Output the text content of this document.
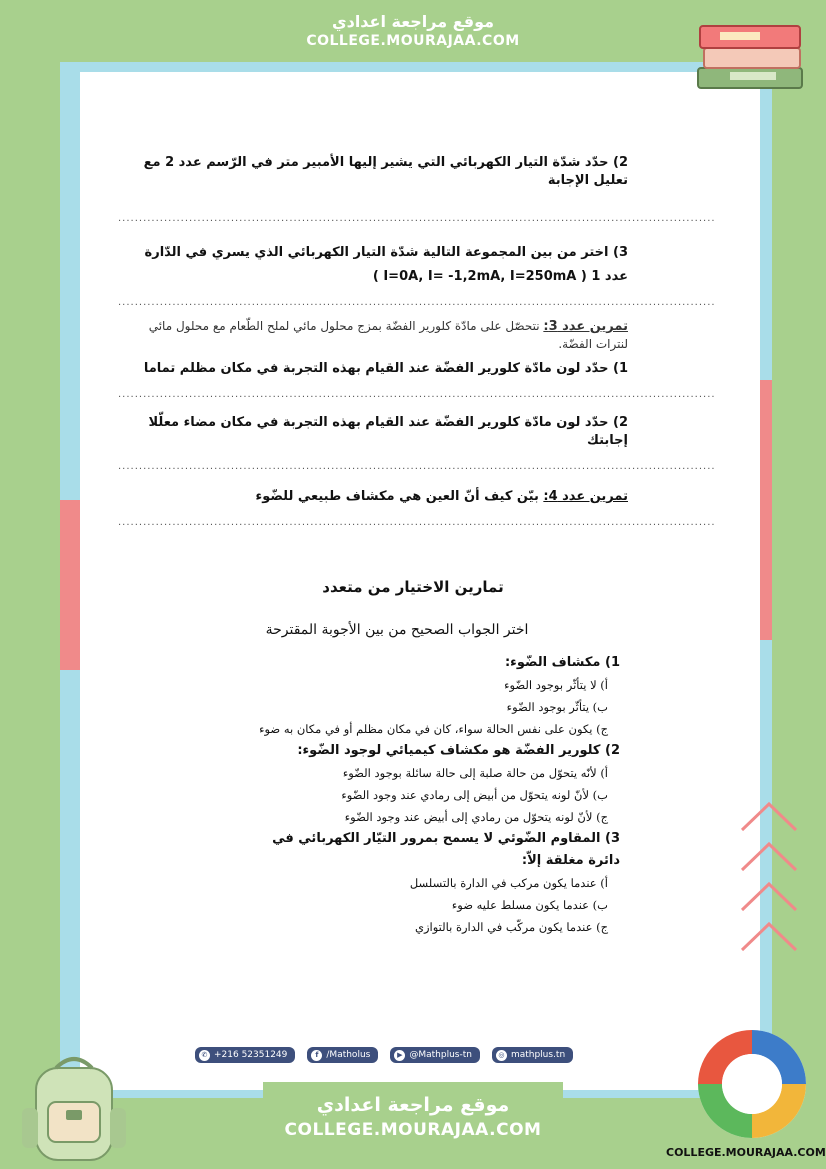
موقع مراجعة اعدادي
COLLEGE.MOURAJAA.COM
2) حدّد شدّة التيار الكهربائي التي يشير إليها الأمبير متر في الرّسم عدد 2 مع تعليل الإجابة
...............................................................................................................................................
3) اختر من بين المجموعة التالية شدّة التيار الكهربائي الذي يسري في الدّارة
عدد 1 ( I=0A, I= -1,2mA, I=250mA )
...............................................................................................................................................
تمرين عدد 3: نتحصّل على مادّة كلورير الفضّة بمزج محلول مائي لملح الطّعام مع محلول مائي لنترات الفضّة.
1) حدّد لون مادّة كلورير الفضّة عند القيام بهذه التجربة في مكان مظلم تماما
...............................................................................................................................................
2) حدّد لون مادّة كلورير الفضّة عند القيام بهذه التجربة في مكان مضاء معلّلا إجابتك
...............................................................................................................................................
تمرين عدد 4: بيّن كيف أنّ العين هي مكشاف طبيعي للضّوء
...............................................................................................................................................
تمارين الاختيار من متعدد
اختر الجواب الصحيح من بين الأجوبة المقترحة
1) مكشاف الضّوء:
أ) لا يتأثّر بوجود الضّوء
ب) يتأثّر بوجود الضّوء
ج) يكون على نفس الحالة سواء، كان في مكان مظلم أو في مكان به ضوء
2) كلورير الفضّة هو مكشاف كيميائي لوجود الضّوء:
أ) لأنّه يتحوّل من حالة صلبة إلى حالة سائلة بوجود الضّوء
ب) لأنّ لونه يتحوّل من أبيض إلى رمادي عند وجود الضّوء
ج) لأنّ لونه يتحوّل من رمادي إلى أبيض عند وجود الضّوء
3) المقاوم الضّوئي لا يسمح بمرور التيّار الكهربائي في دائرة مغلقة إلاّ:
أ) عندما يكون مركب في الدارة بالتسلسل
ب) عندما يكون مسلط عليه ضوء
ج) عندما يكون مركّب في الدارة بالتوازي
✆ +216 52351249	f /Matholus	▶ @Mathplus-tn	◎ mathplus.tn
موقع مراجعة اعدادي
COLLEGE.MOURAJAA.COM
COLLEGE.MOURAJAA.COM
